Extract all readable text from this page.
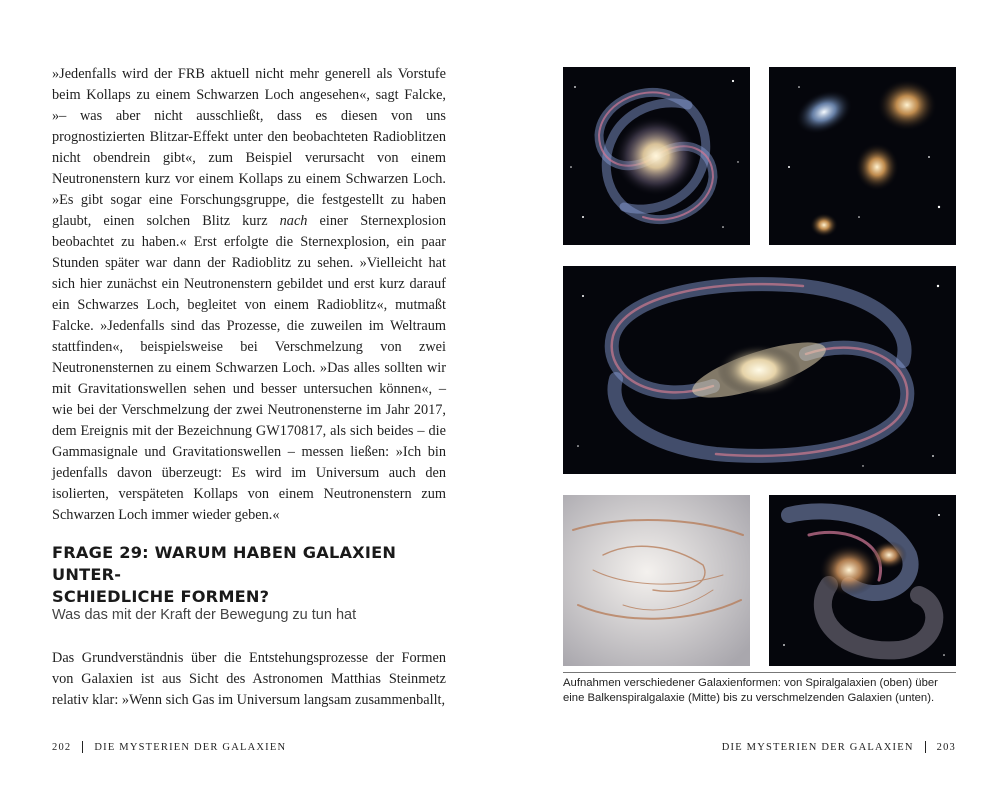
»Jedenfalls wird der FRB aktuell nicht mehr generell als Vorstufe beim Kollaps zu einem Schwarzen Loch angesehen«, sagt Falcke, »– was aber nicht ausschließt, dass es diesen von uns prognostizierten Blitzar-Effekt unter den beobachteten Radioblitzen nicht obendrein gibt«, zum Beispiel verursacht von einem Neutronenstern kurz vor einem Kollaps zu einem Schwarzen Loch. »Es gibt sogar eine Forschungsgruppe, die festgestellt zu haben glaubt, einen solchen Blitz kurz nach einer Sternexplosion beobachtet zu haben.« Erst erfolgte die Sternexplosion, ein paar Stunden später war dann der Radioblitz zu sehen. »Vielleicht hat sich hier zunächst ein Neutronenstern gebildet und erst kurz darauf ein Schwarzes Loch, begleitet von einem Radioblitz«, mutmaßt Falcke. »Jedenfalls sind das Prozesse, die zuweilen im Weltraum stattfinden«, beispielsweise bei Verschmelzung von zwei Neutronensternen zu einem Schwarzen Loch. »Das alles sollten wir mit Gravitationswellen sehen und besser untersuchen können«, – wie bei der Verschmelzung der zwei Neutronensterne im Jahr 2017, dem Ereignis mit der Bezeichnung GW170817, als sich beides – die Gammasignale und Gravitationswellen – messen ließen: »Ich bin jedenfalls davon überzeugt: Es wird im Universum auch den isolierten, verspäteten Kollaps von einem Neutronenstern zum Schwarzen Loch immer wieder geben.«

FRAGE 29: WARUM HABEN GALAXIEN UNTER-
SCHIEDLICHE FORMEN?

Was das mit der Kraft der Bewegung zu tun hat

Das Grundverständnis über die Entstehungsprozesse der Formen von Galaxien ist aus Sicht des Astronomen Matthias Steinmetz relativ klar: »Wenn sich Gas im Universum langsam zusammenballt,

202 DIE MYSTERIEN DER GALAXIEN

Aufnahmen verschiedener Galaxienformen: von Spiralgalaxien (oben) über eine Balkenspiralgalaxie (Mitte) bis zu verschmelzenden Galaxien (unten).

DIE MYSTERIEN DER GALAXIEN 203
